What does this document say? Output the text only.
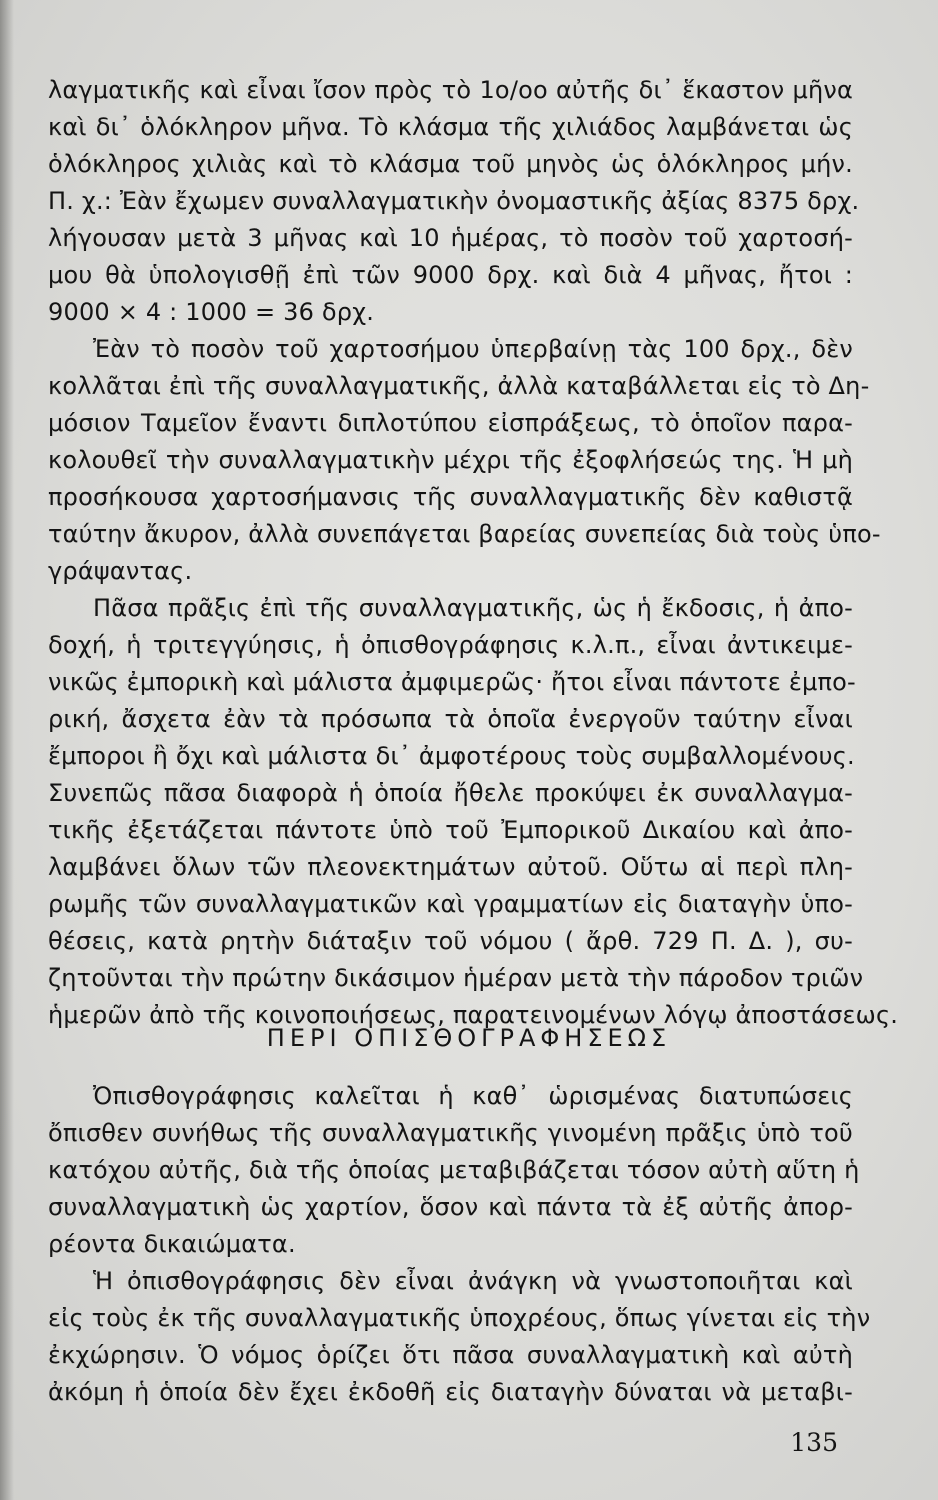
λαγματικῆς καὶ εἶναι ἴσον πρὸς τὸ 1ο/οο αὐτῆς δι᾿ ἕκαστον μῆνα
καὶ δι᾿ ὁλόκληρον μῆνα. Τὸ κλάσμα τῆς χιλιάδος λαμβάνεται ὡς
ὁλόκληρος χιλιὰς καὶ τὸ κλάσμα τοῦ μηνὸς ὡς ὁλόκληρος μήν.
Π. χ.: Ἐὰν ἔχωμεν συναλλαγματικὴν ὀνομαστικῆς ἀξίας 8375 δρχ.
λήγουσαν μετὰ 3 μῆνας καὶ 10 ἡμέρας, τὸ ποσὸν τοῦ χαρτοσή-
μου θὰ ὑπολογισθῇ ἐπὶ τῶν 9000 δρχ. καὶ διὰ 4 μῆνας, ἤτοι :
9000 × 4 : 1000 = 36 δρχ.
Ἐὰν τὸ ποσὸν τοῦ χαρτοσήμου ὑπερβαίνῃ τὰς 100 δρχ., δὲν
κολλᾶται ἐπὶ τῆς συναλλαγματικῆς, ἀλλὰ καταβάλλεται εἰς τὸ Δη-
μόσιον Ταμεῖον ἔναντι διπλοτύπου εἰσπράξεως, τὸ ὁποῖον παρα-
κολουθεῖ τὴν συναλλαγματικὴν μέχρι τῆς ἐξοφλήσεώς της. Ἡ μὴ
προσήκουσα χαρτοσήμανσις τῆς συναλλαγματικῆς δὲν καθιστᾷ
ταύτην ἄκυρον, ἀλλὰ συνεπάγεται βαρείας συνεπείας διὰ τοὺς ὑπο-
γράψαντας.
Πᾶσα πρᾶξις ἐπὶ τῆς συναλλαγματικῆς, ὡς ἡ ἔκδοσις, ἡ ἀπο-
δοχή, ἡ τριτεγγύησις, ἡ ὀπισθογράφησις κ.λ.π., εἶναι ἀντικειμε-
νικῶς ἐμπορικὴ καὶ μάλιστα ἀμφιμερῶς· ἤτοι εἶναι πάντοτε ἐμπο-
ρική, ἄσχετα ἐὰν τὰ πρόσωπα τὰ ὁποῖα ἐνεργοῦν ταύτην εἶναι
ἔμποροι ἢ ὄχι καὶ μάλιστα δι᾿ ἀμφοτέρους τοὺς συμβαλλομένους.
Συνεπῶς πᾶσα διαφορὰ ἡ ὁποία ἤθελε προκύψει ἐκ συναλλαγμα-
τικῆς ἐξετάζεται πάντοτε ὑπὸ τοῦ Ἐμπορικοῦ Δικαίου καὶ ἀπο-
λαμβάνει ὅλων τῶν πλεονεκτημάτων αὐτοῦ. Οὕτω αἱ περὶ πλη-
ρωμῆς τῶν συναλλαγματικῶν καὶ γραμματίων εἰς διαταγὴν ὑπο-
θέσεις, κατὰ ρητὴν διάταξιν τοῦ νόμου ( ἄρθ. 729 Π. Δ. ), συ-
ζητοῦνται τὴν πρώτην δικάσιμον ἡμέραν μετὰ τὴν πάροδον τριῶν
ἡμερῶν ἀπὸ τῆς κοινοποιήσεως, παρατεινομένων λόγῳ ἀποστάσεως.
ΠΕΡΙ ΟΠΙΣΘΟΓΡΑΦΗΣΕΩΣ
Ὀπισθογράφησις καλεῖται ἡ καθ᾿ ὡρισμένας διατυπώσεις
ὄπισθεν συνήθως τῆς συναλλαγματικῆς γινομένη πρᾶξις ὑπὸ τοῦ
κατόχου αὐτῆς, διὰ τῆς ὁποίας μεταβιβάζεται τόσον αὐτὴ αὕτη ἡ
συναλλαγματικὴ ὡς χαρτίον, ὅσον καὶ πάντα τὰ ἐξ αὐτῆς ἀπορ-
ρέοντα δικαιώματα.
Ἡ ὀπισθογράφησις δὲν εἶναι ἀνάγκη νὰ γνωστοποιῆται καὶ
εἰς τοὺς ἐκ τῆς συναλλαγματικῆς ὑποχρέους, ὅπως γίνεται εἰς τὴν
ἐκχώρησιν. Ὁ νόμος ὁρίζει ὅτι πᾶσα συναλλαγματικὴ καὶ αὐτὴ
ἀκόμη ἡ ὁποία δὲν ἔχει ἐκδοθῆ εἰς διαταγὴν δύναται νὰ μεταβι-
135
